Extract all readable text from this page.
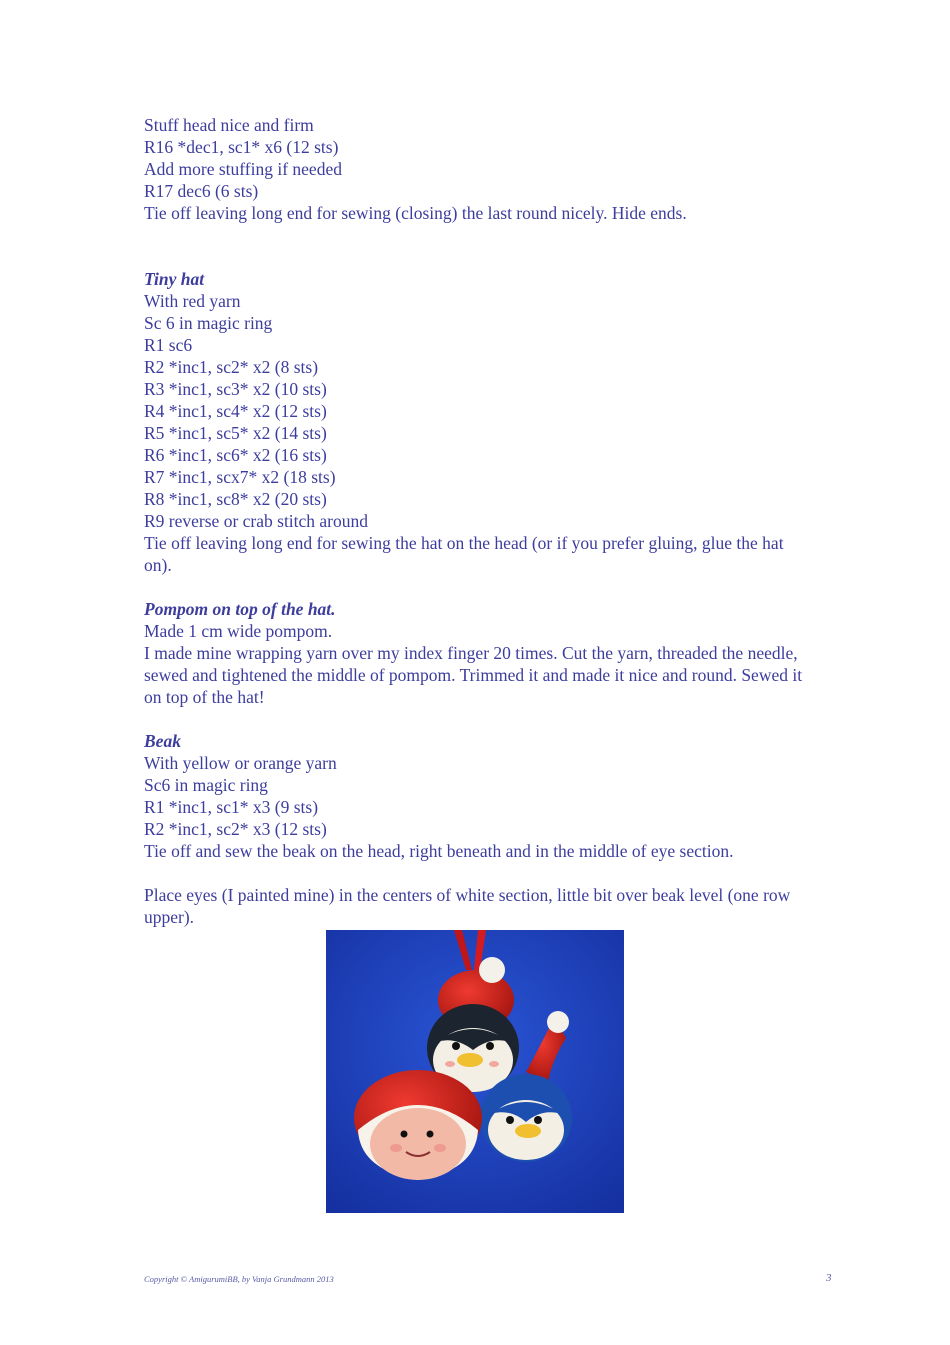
Stuff head nice and firm

R16 *dec1, sc1* x6 (12 sts)

Add more stuffing if needed

R17 dec6 (6 sts)

Tie off leaving long end for sewing (closing) the last round nicely. Hide ends.

Tiny hat

With red yarn

Sc 6 in magic ring

R1 sc6

R2 *inc1, sc2* x2 (8 sts)

R3 *inc1, sc3* x2 (10 sts)

R4 *inc1, sc4* x2 (12 sts)

R5 *inc1, sc5* x2 (14 sts)

R6 *inc1, sc6* x2 (16 sts)

R7 *inc1, scx7* x2 (18 sts)

R8 *inc1, sc8* x2 (20 sts)

R9 reverse or crab stitch around

Tie off leaving long end for sewing the hat on the head (or if you prefer gluing, glue the hat on).

Pompom on top of the hat.

Made 1 cm wide pompom.

I made mine wrapping yarn over my index finger 20 times. Cut the yarn, threaded the needle, sewed and tightened the middle of pompom. Trimmed it and made it nice and round. Sewed it on top of the hat!

Beak

With yellow or orange yarn

Sc6 in magic ring

R1 *inc1, sc1* x3 (9 sts)

R2 *inc1, sc2* x3 (12 sts)

Tie off and sew the beak on the head, right beneath and in the middle of eye section.

Place eyes (I painted mine) in the centers of white section, little bit over beak level (one row upper).

Copyright © AmigurumiBB, by Vanja Grundmann 2013	3
